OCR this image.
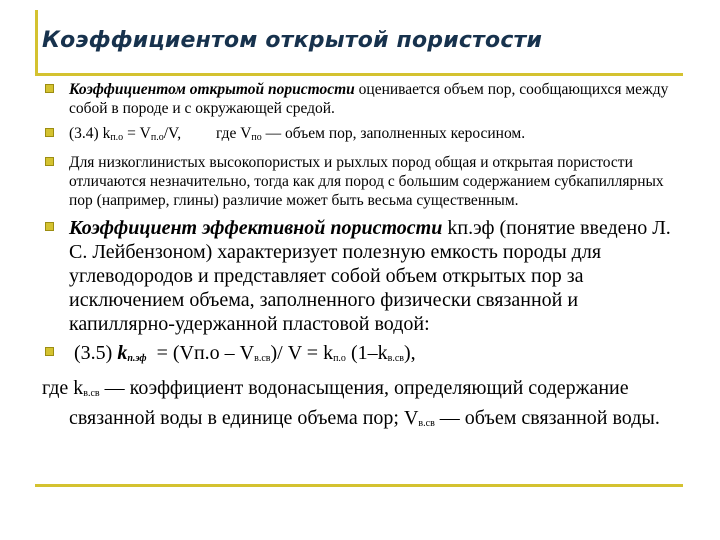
Коэффициентом открытой пористости
Коэффициентом открытой пористости оценивается объем пор, сообщающихся между собой в породе и с окружающей средой.
(3.4) $k_{п.о} = V_{п.о}/V$,         где $V_{по}$ — объем пор, заполненных керосином.
Для низкоглинистых высокопористых и рыхлых пород общая и открытая пористости отличаются незначительно, тогда как для пород с большим содержанием субкапиллярных пор (например, глины) различие может быть весьма существенным.
Коэффициент эффективной пористости kп.эф (понятие введено Л. С. Лейбензоном) характеризует полезную емкость породы для углеводородов и представляет собой объем открытых пор за исключением объема, заполненного физически связанной и капиллярно-удержанной пластовой водой:
(3.5) $k_{п.эф} = (Vп.о - V_{в.св})/$ $V = k_{п.о}$ $(1-k_{в.св})$,
где $k_{в.св}$ — коэффициент водонасыщения, определяющий содержание связанной воды в единице объема пор; $V_{в.св}$ — объем связанной воды.
